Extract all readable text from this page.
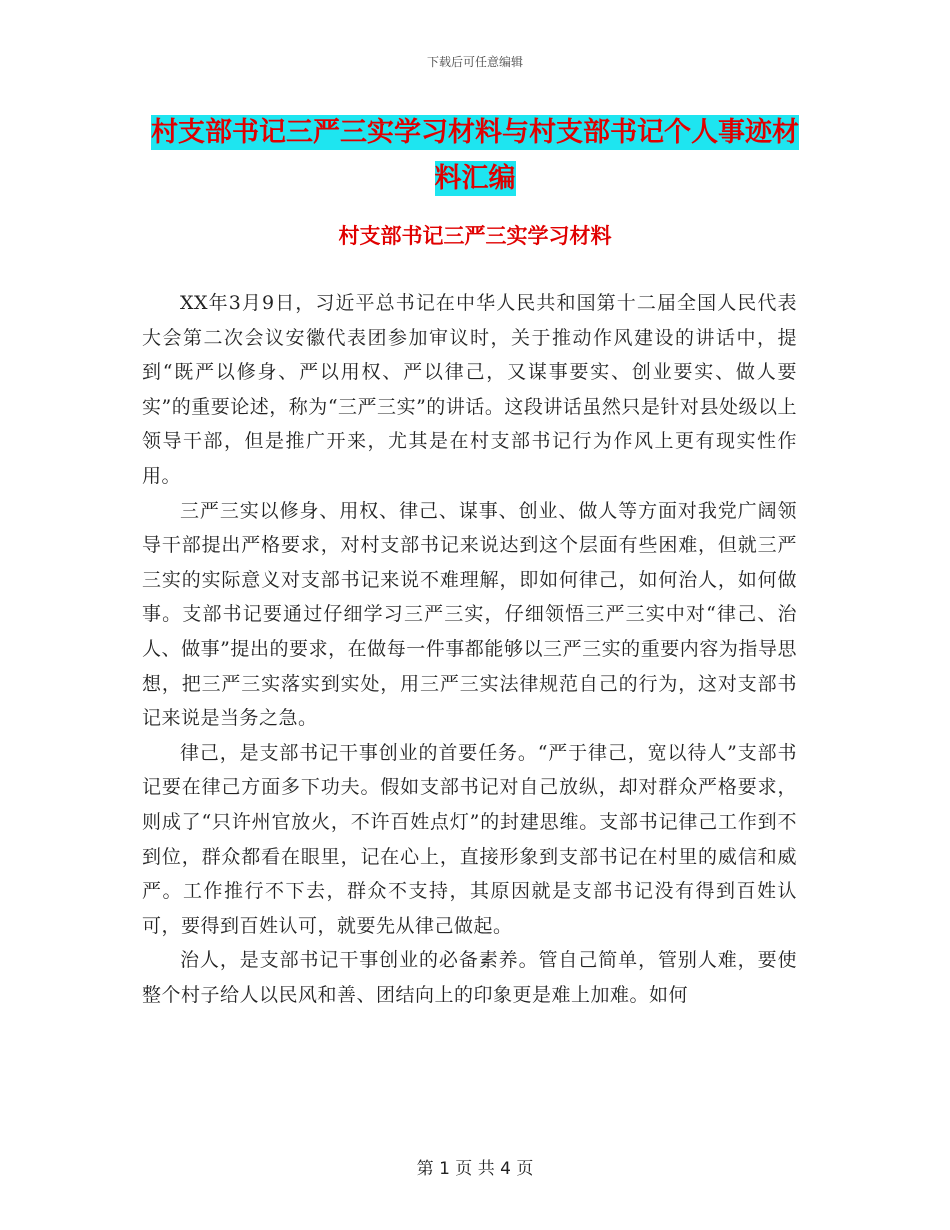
下载后可任意编辑
村支部书记三严三实学习材料与村支部书记个人事迹材料汇编
村支部书记三严三实学习材料

XX年3月9日，习近平总书记在中华人民共和国第十二届全国人民代表大会第二次会议安徽代表团参加审议时，关于推动作风建设的讲话中，提到“既严以修身、严以用权、严以律己，又谋事要实、创业要实、做人要实”的重要论述，称为“三严三实”的讲话。这段讲话虽然只是针对县处级以上领导干部，但是推广开来，尤其是在村支部书记行为作风上更有现实性作用。

三严三实以修身、用权、律己、谋事、创业、做人等方面对我党广阔领导干部提出严格要求，对村支部书记来说达到这个层面有些困难，但就三严三实的实际意义对支部书记来说不难理解，即如何律己，如何治人，如何做事。支部书记要通过仔细学习三严三实，仔细领悟三严三实中对“律己、治人、做事”提出的要求，在做每一件事都能够以三严三实的重要内容为指导思想，把三严三实落实到实处，用三严三实法律规范自己的行为，这对支部书记来说是当务之急。

律己，是支部书记干事创业的首要任务。“严于律己，宽以待人”支部书记要在律己方面多下功夫。假如支部书记对自己放纵，却对群众严格要求，则成了“只许州官放火，不许百姓点灯”的封建思维。支部书记律己工作到不到位，群众都看在眼里，记在心上，直接形象到支部书记在村里的威信和威严。工作推行不下去，群众不支持，其原因就是支部书记没有得到百姓认可，要得到百姓认可，就要先从律己做起。

治人，是支部书记干事创业的必备素养。管自己简单，管别人难，要使整个村子给人以民风和善、团结向上的印象更是难上加难。如何

第 1 页 共 4 页
